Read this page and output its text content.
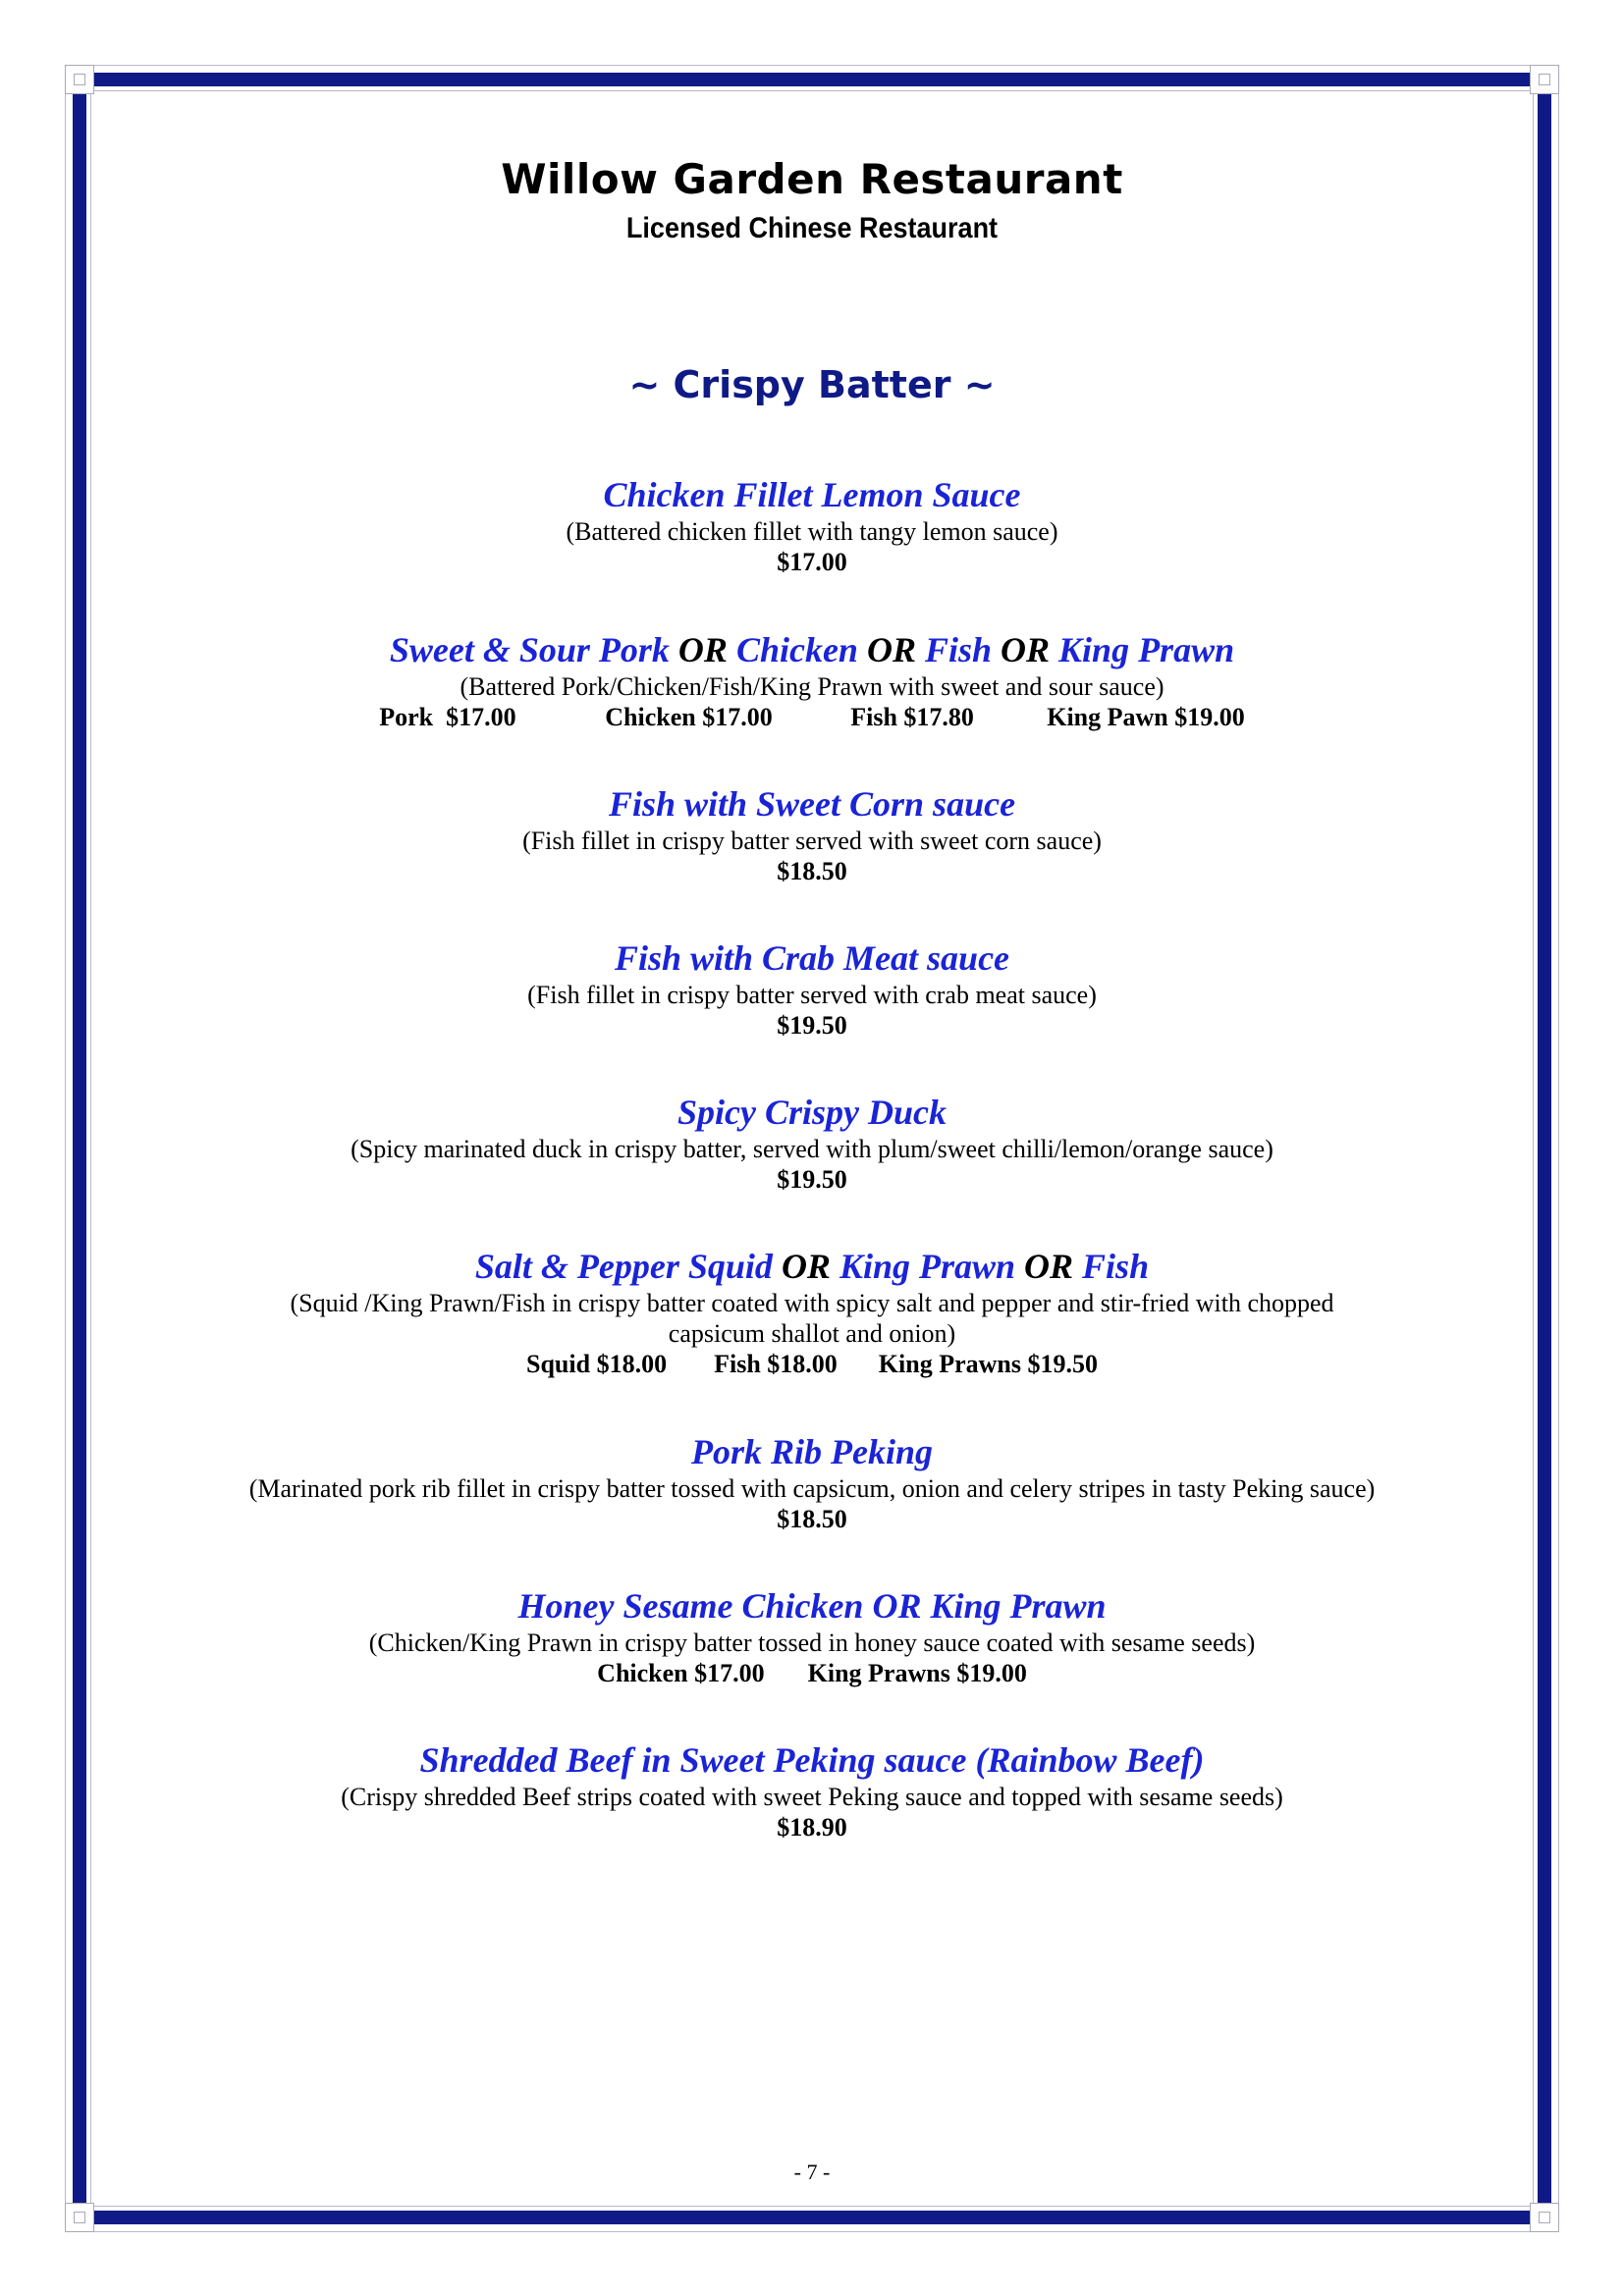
Willow Garden Restaurant
Licensed Chinese Restaurant
~ Crispy Batter ~
Chicken Fillet Lemon Sauce
(Battered chicken fillet with tangy lemon sauce)
$17.00
Sweet & Sour Pork OR Chicken OR Fish OR King Prawn
(Battered Pork/Chicken/Fish/King Prawn with sweet and sour sauce)
Pork  $17.00	Chicken $17.00	Fish $17.80	King Pawn $19.00
Fish with Sweet Corn sauce
(Fish fillet in crispy batter served with sweet corn sauce)
$18.50
Fish with Crab Meat sauce
(Fish fillet in crispy batter served with crab meat sauce)
$19.50
Spicy Crispy Duck
(Spicy marinated duck in crispy batter, served with plum/sweet chilli/lemon/orange sauce)
$19.50
Salt & Pepper Squid OR King Prawn OR Fish
(Squid /King Prawn/Fish in crispy batter coated with spicy salt and pepper and stir-fried with chopped
capsicum shallot and onion)
Squid $18.00 Fish $18.00 King Prawns $19.50
Pork Rib Peking
(Marinated pork rib fillet in crispy batter tossed with capsicum, onion and celery stripes in tasty Peking sauce)
$18.50
Honey Sesame Chicken OR King Prawn
(Chicken/King Prawn in crispy batter tossed in honey sauce coated with sesame seeds)
Chicken $17.00 King Prawns $19.00
Shredded Beef in Sweet Peking sauce (Rainbow Beef)
(Crispy shredded Beef strips coated with sweet Peking sauce and topped with sesame seeds)
$18.90
- 7 -
